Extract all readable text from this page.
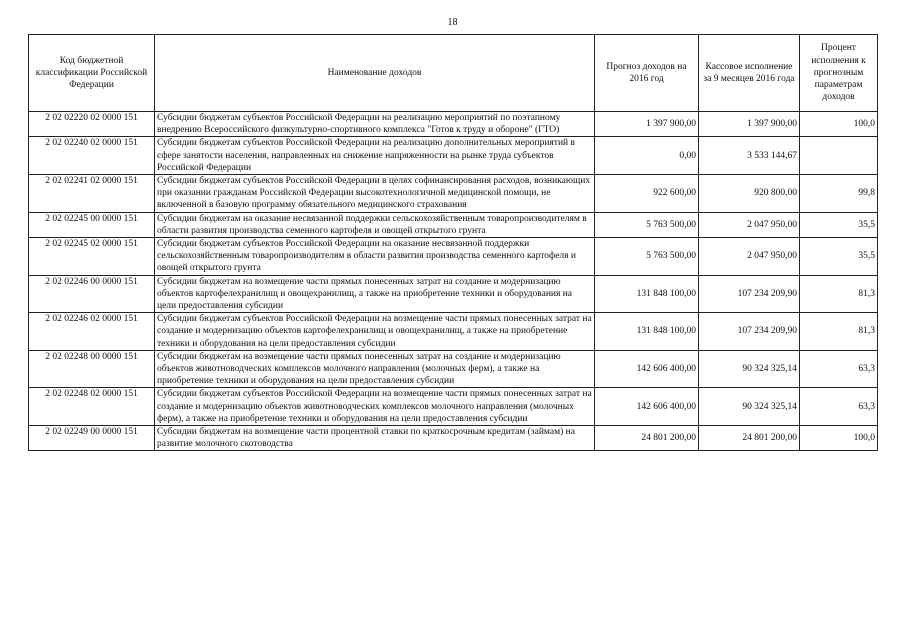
18
Код бюджетной классификации Российской Федерации	Наименование доходов	Прогноз доходов на 2016 год	Кассовое исполнение за 9 месяцев 2016 года	Процент исполнения к прогнозным параметрам доходов
2 02 02220 02 0000 151	Субсидии бюджетам субъектов Российской Федерации на реализацию мероприятий по поэтапному внедрению Всероссийского физкультурно-спортивного комплекса "Готов к труду и обороне" (ГТО)	1 397 900,00	1 397 900,00	100,0
2 02 02240 02 0000 151	Субсидии бюджетам субъектов Российской Федерации на реализацию дополнительных мероприятий в сфере занятости населения, направленных на снижение напряженности на рынке труда субъектов Российской Федерации	0,00	3 533 144,67	
2 02 02241 02 0000 151	Субсидии бюджетам субъектов Российской Федерации в целях софинансирования расходов, возникающих при оказании гражданам Российской Федерации высокотехнологичной медицинской помощи, не включенной в базовую программу обязательного медицинского страхования	922 600,00	920 800,00	99,8
2 02 02245 00 0000 151	Субсидии бюджетам на оказание несвязанной поддержки сельскохозяйственным товаропроизводителям в области развития производства семенного картофеля и овощей открытого грунта	5 763 500,00	2 047 950,00	35,5
2 02 02245 02 0000 151	Субсидии бюджетам субъектов Российской Федерации на оказание несвязанной поддержки сельскохозяйственным товаропроизводителям в области развития производства семенного картофеля и овощей открытого грунта	5 763 500,00	2 047 950,00	35,5
2 02 02246 00 0000 151	Субсидии бюджетам на возмещение части прямых понесенных затрат на создание и модернизацию объектов картофелехранилищ и овощехранилищ, а также на приобретение техники и оборудования на цели предоставления субсидии	131 848 100,00	107 234 209,90	81,3
2 02 02246 02 0000 151	Субсидии бюджетам субъектов Российской Федерации на возмещение части прямых понесенных затрат на создание и модернизацию объектов картофелехранилищ и овощехранилищ, а также на приобретение техники и оборудования на цели предоставления субсидии	131 848 100,00	107 234 209,90	81,3
2 02 02248 00 0000 151	Субсидии бюджетам на возмещение части прямых понесенных затрат на создание и модернизацию объектов животноводческих комплексов молочного направления (молочных ферм), а также на приобретение техники и оборудования на цели предоставления субсидии	142 606 400,00	90 324 325,14	63,3
2 02 02248 02 0000 151	Субсидии бюджетам субъектов Российской Федерации на возмещение части прямых понесенных затрат на создание и модернизацию объектов животноводческих комплексов молочного направления (молочных ферм), а также на приобретение техники и оборудования на цели предоставления субсидии	142 606 400,00	90 324 325,14	63,3
2 02 02249 00 0000 151	Субсидии бюджетам на возмещение части процентной ставки по краткосрочным кредитам (займам) на развитие молочного скотоводства	24 801 200,00	24 801 200,00	100,0
